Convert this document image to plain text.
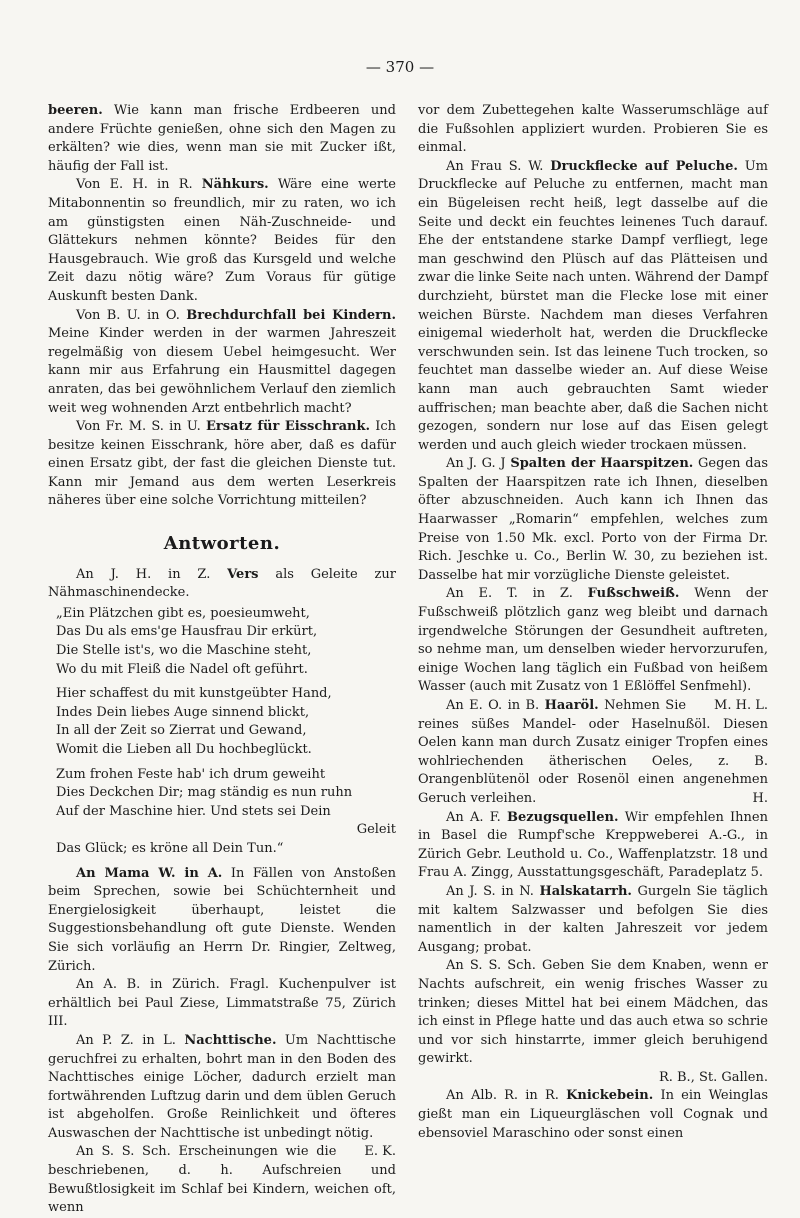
— 370 —

beeren. Wie kann man frische Erdbeeren und andere Früchte genießen, ohne sich den Magen zu erkälten? wie dies, wenn man sie mit Zucker ißt, häufig der Fall ist.

Von E. H. in R. Nähkurs. Wäre eine werte Mitabonnentin so freundlich, mir zu raten, wo ich am günstigsten einen Näh-Zuschneide- und Glättekurs nehmen könnte? Beides für den Hausgebrauch. Wie groß das Kursgeld und welche Zeit dazu nötig wäre? Zum Voraus für gütige Auskunft besten Dank.

Von B. U. in O. Brechdurchfall bei Kindern. Meine Kinder werden in der warmen Jahreszeit regelmäßig von diesem Uebel heimgesucht. Wer kann mir aus Erfahrung ein Hausmittel dagegen anraten, das bei gewöhnlichem Verlauf den ziemlich weit weg wohnenden Arzt entbehrlich macht?

Von Fr. M. S. in U. Ersatz für Eisschrank. Ich besitze keinen Eisschrank, höre aber, daß es dafür einen Ersatz gibt, der fast die gleichen Dienste tut. Kann mir Jemand aus dem werten Leserkreis näheres über eine solche Vorrichtung mitteilen?

Antworten.

An J. H. in Z. Vers als Geleite zur Nähmaschinendecke.

„Ein Plätzchen gibt es, poesieumweht,
Das Du als ems'ge Hausfrau Dir erkürt,
Die Stelle ist's, wo die Maschine steht,
Wo du mit Fleiß die Nadel oft geführt.
Hier schaffest du mit kunstgeübter Hand,
Indes Dein liebes Auge sinnend blickt,
In all der Zeit so Zierrat und Gewand,
Womit die Lieben all Du hochbeglückt.
Zum frohen Feste hab' ich drum geweiht
Dies Deckchen Dir; mag ständig es nun ruhn
Auf der Maschine hier. Und stets sei Dein
Geleit
Das Glück; es kröne all Dein Tun.“

An Mama W. in A. In Fällen von Anstoßen beim Sprechen, sowie bei Schüchternheit und Energielosigkeit überhaupt, leistet die Suggestionsbehandlung oft gute Dienste. Wenden Sie sich vorläufig an Herrn Dr. Ringier, Zeltweg, Zürich.

An A. B. in Zürich. Fragl. Kuchenpulver ist erhältlich bei Paul Ziese, Limmatstraße 75, Zürich III.

An P. Z. in L. Nachttische. Um Nachttische geruchfrei zu erhalten, bohrt man in den Boden des Nachttisches einige Löcher, dadurch erzielt man fortwährenden Luftzug darin und dem üblen Geruch ist abgeholfen. Große Reinlichkeit und öfteres Auswaschen der Nachttische ist unbedingt nötig.
E. K.

An S. S. Sch. Erscheinungen wie die beschriebenen, d. h. Aufschreien und Bewußtlosigkeit im Schlaf bei Kindern, weichen oft, wenn

vor dem Zubettegehen kalte Wasserumschläge auf die Fußsohlen appliziert wurden. Probieren Sie es einmal.

An Frau S. W. Druckflecke auf Peluche. Um Druckflecke auf Peluche zu entfernen, macht man ein Bügeleisen recht heiß, legt dasselbe auf die Seite und deckt ein feuchtes leinenes Tuch darauf. Ehe der entstandene starke Dampf verfliegt, lege man geschwind den Plüsch auf das Plätteisen und zwar die linke Seite nach unten. Während der Dampf durchzieht, bürstet man die Flecke lose mit einer weichen Bürste. Nachdem man dieses Verfahren einigemal wiederholt hat, werden die Druckflecke verschwunden sein. Ist das leinene Tuch trocken, so feuchtet man dasselbe wieder an. Auf diese Weise kann man auch gebrauchten Samt wieder auffrischen; man beachte aber, daß die Sachen nicht gezogen, sondern nur lose auf das Eisen gelegt werden und auch gleich wieder trockaen müssen.

An J. G. J Spalten der Haarspitzen. Gegen das Spalten der Haarspitzen rate ich Ihnen, dieselben öfter abzuschneiden. Auch kann ich Ihnen das Haarwasser „Romarin“ empfehlen, welches zum Preise von 1.50 Mk. excl. Porto von der Firma Dr. Rich. Jeschke u. Co., Berlin W. 30, zu beziehen ist. Dasselbe hat mir vorzügliche Dienste geleistet.

An E. T. in Z. Fußschweiß. Wenn der Fußschweiß plötzlich ganz weg bleibt und darnach irgendwelche Störungen der Gesundheit auftreten, so nehme man, um denselben wieder hervorzurufen, einige Wochen lang täglich ein Fußbad von heißem Wasser (auch mit Zusatz von 1 Eßlöffel Senfmehl).
M. H. L.

An E. O. in B. Haaröl. Nehmen Sie reines süßes Mandel- oder Haselnußöl. Diesen Oelen kann man durch Zusatz einiger Tropfen eines wohlriechenden ätherischen Oeles, z. B. Orangenblütenöl oder Rosenöl einen angenehmen Geruch verleihen.	H.

An A. F. Bezugsquellen. Wir empfehlen Ihnen in Basel die Rumpf'sche Kreppweberei A.-G., in Zürich Gebr. Leuthold u. Co., Waffenplatzstr. 18 und Frau A. Zingg, Ausstattungsgeschäft, Paradeplatz 5.

An J. S. in N. Halskatarrh. Gurgeln Sie täglich mit kaltem Salzwasser und befolgen Sie dies namentlich in der kalten Jahreszeit vor jedem Ausgang; probat.

An S. S. Sch. Geben Sie dem Knaben, wenn er Nachts aufschreit, ein wenig frisches Wasser zu trinken; dieses Mittel hat bei einem Mädchen, das ich einst in Pflege hatte und das auch etwa so schrie und vor sich hinstarrte, immer gleich beruhigend gewirkt.

R. B., St. Gallen.

An Alb. R. in R. Knickebein. In ein Weinglas gießt man ein Liqueurgläschen voll Cognak und ebensoviel Maraschino oder sonst einen
